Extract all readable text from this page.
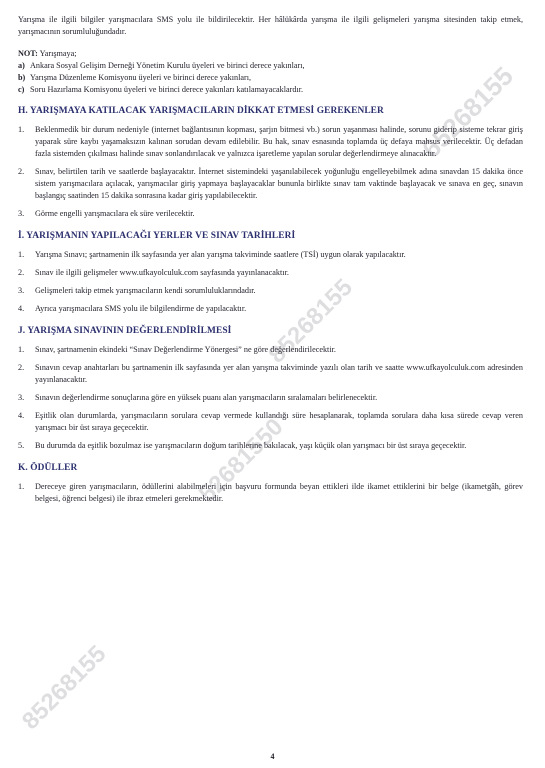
65268155
85268155
52681550
85268155

Yarışma ile ilgili bilgiler yarışmacılara SMS yolu ile bildirilecektir. Her hâlükârda yarışma ile ilgili gelişmeleri yarışma sitesinden takip etmek, yarışmacının sorumluluğundadır.

NOT: Yarışmaya;
a) Ankara Sosyal Gelişim Derneği Yönetim Kurulu üyeleri ve birinci derece yakınları,
b) Yarışma Düzenleme Komisyonu üyeleri ve birinci derece yakınları,
c) Soru Hazırlama Komisyonu üyeleri ve birinci derece yakınları katılamayacaklardır.
H. YARIŞMAYA KATILACAK YARIŞMACILARIN DİKKAT ETMESİ GEREKENLER
1.	Beklenmedik bir durum nedeniyle (internet bağlantısının kopması, şarjın bitmesi vb.) sorun yaşanması halinde, sorunu giderip sisteme tekrar giriş yaparak süre kaybı yaşamaksızın kalınan sorudan devam edilebilir. Bu hak, sınav esnasında toplamda üç defaya mahsus verilecektir. Üç defadan fazla sistemden çıkılması halinde sınav sonlandırılacak ve yalnızca işaretleme yapılan sorular değerlendirmeye alınacaktır.
2.	Sınav, belirtilen tarih ve saatlerde başlayacaktır. İnternet sistemindeki yaşanılabilecek yoğunluğu engelleyebilmek adına sınavdan 15 dakika önce sistem yarışmacılara açılacak, yarışmacılar giriş yapmaya başlayacaklar bununla birlikte sınav tam vaktinde başlayacak ve sınava en geç, sınavın başlangıç saatinden 15 dakika sonrasına kadar giriş yapılabilecektir.
3.	Görme engelli yarışmacılara ek süre verilecektir.
İ. YARIŞMANIN YAPILACAĞI YERLER VE SINAV TARİHLERİ
1.	Yarışma Sınavı; şartnamenin ilk sayfasında yer alan yarışma takviminde saatlere (TSİ) uygun olarak yapılacaktır.
2.	Sınav ile ilgili gelişmeler www.ufkayolculuk.com sayfasında yayınlanacaktır.
3.	Gelişmeleri takip etmek yarışmacıların kendi sorumluluklarındadır.
4.	Ayrıca yarışmacılara SMS yolu ile bilgilendirme de yapılacaktır.
J. YARIŞMA SINAVININ DEĞERLENDİRİLMESİ
1.	Sınav, şartnamenin ekindeki “Sınav Değerlendirme Yönergesi” ne göre değerlendirilecektir.
2.	Sınavın cevap anahtarları bu şartnamenin ilk sayfasında yer alan yarışma takviminde yazılı olan tarih ve saatte www.ufkayolculuk.com adresinden yayınlanacaktır.
3.	Sınavın değerlendirme sonuçlarına göre en yüksek puanı alan yarışmacıların sıralamaları belirlenecektir.
4.	Eşitlik olan durumlarda, yarışmacıların sorulara cevap vermede kullandığı süre hesaplanarak, toplamda sorulara daha kısa sürede cevap veren yarışmacı bir üst sıraya geçecektir.
5.	Bu durumda da eşitlik bozulmaz ise yarışmacıların doğum tarihlerine bakılacak, yaşı küçük olan yarışmacı bir üst sıraya geçecektir.
K. ÖDÜLLER
1.	Dereceye giren yarışmacıların, ödüllerini alabilmeleri için başvuru formunda beyan ettikleri ilde ikamet ettiklerini bir belge (ikametgâh, görev belgesi, öğrenci belgesi) ile ibraz etmeleri gerekmektedir.
4
